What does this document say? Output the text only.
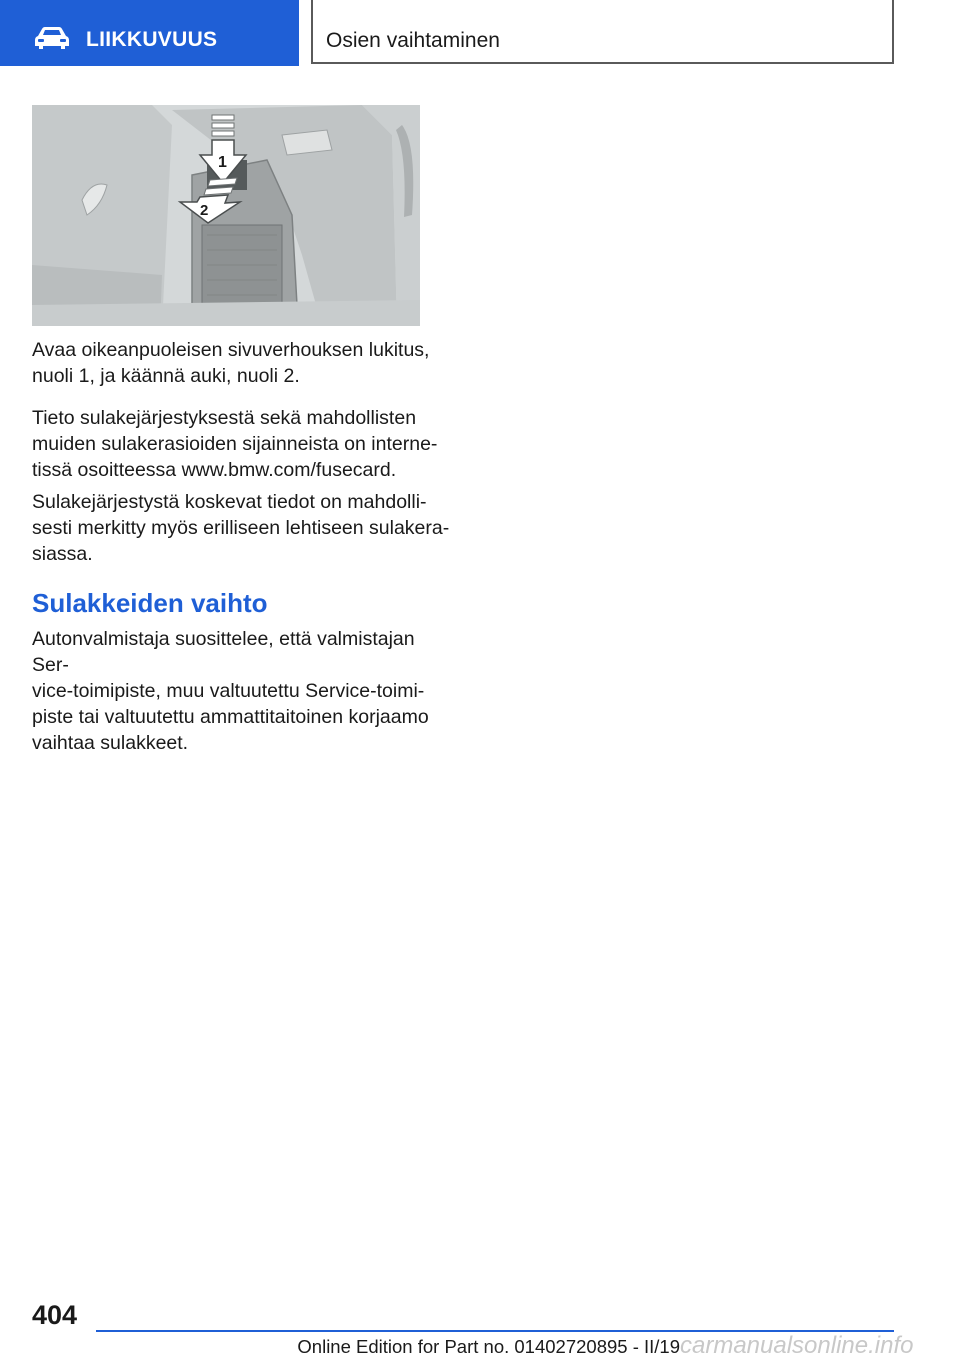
LIIKKUVUUS	Osien vaihtaminen
1
2

Avaa oikeanpuoleisen sivuverhouksen lukitus,
nuoli 1, ja käännä auki, nuoli 2.

Tieto sulakejärjestyksestä sekä mahdollisten
muiden sulakerasioiden sijainneista on interne-
tissä osoitteessa www.bmw.com/fusecard.

Sulakejärjestystä koskevat tiedot on mahdolli-
sesti merkitty myös erilliseen lehtiseen sulakera-
siassa.

Sulakkeiden vaihto

Autonvalmistaja suosittelee, että valmistajan Ser-
vice-toimipiste, muu valtuutettu Service-toimi-
piste tai valtuutettu ammattitaitoinen korjaamo
vaihtaa sulakkeet.

404
carmanualsonline.info
Online Edition for Part no. 01402720895 - II/19
